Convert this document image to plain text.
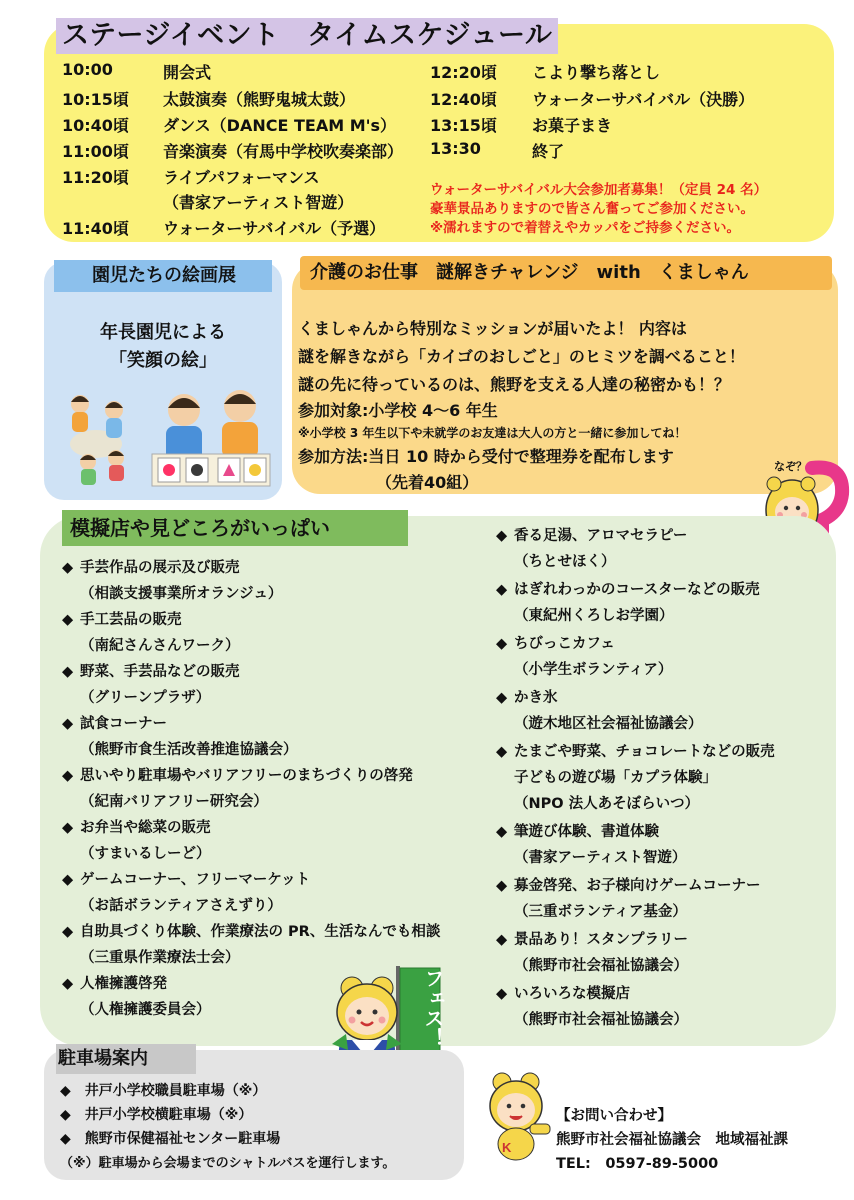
ステージイベント　タイムスケジュール
10:00	開会式
10:15頃 太鼓演奏（熊野鬼城太鼓）
10:40頃 ダンス（DANCE TEAM M's）
11:00頃 音楽演奏（有馬中学校吹奏楽部）
11:20頃 ライブパフォーマンス
（書家アーティスト智遊）
11:40頃 ウォーターサバイバル（予選）
12:20頃 こより撃ち落とし
12:40頃 ウォーターサバイバル（決勝）
13:15頃 お菓子まき
13:30	終了
ウォーターサバイバル大会参加者募集！（定員 24 名）
豪華景品ありますので皆さん奮ってご参加ください。
※濡れますので着替えやカッパをご持参ください。
園児たちの絵画展
年長園児による
「笑顔の絵」
介護のお仕事　謎解きチャレンジ　with　くましゃん
くましゃんから特別なミッションが届いたよ！ 内容は
謎を解きながら「カイゴのおしごと」のヒミツを調べること！
謎の先に待っているのは、熊野を支える人達の秘密かも！？
参加対象:小学校 4～6 年生
※小学校 3 年生以下や未就学のお友達は大人の方と一緒に参加してね！
参加方法:当日 10 時から受付で整理券を配布します
（先着40組）
なぞ？
模擬店や見どころがいっぱい
フェス！
駐車場案内
◆　 井戸小学校職員駐車場（※）
◆　 井戸小学校横駐車場（※）
◆　 熊野市保健福祉センター駐車場
（※）駐車場から会場までのシャトルバスを運行します。
K
【お問い合わせ】
熊野市社会福祉協議会　地域福祉課
TEL:　0597-89-5000
◆ 手芸作品の展示及び販売
（相談支援事業所オランジュ）
◆ 手工芸品の販売
（南紀さんさんワーク）
◆ 野菜、手芸品などの販売
（グリーンプラザ）
◆ 試食コーナー
（熊野市食生活改善推進協議会）
◆ 思いやり駐車場やバリアフリーのまちづくりの啓発
（紀南バリアフリー研究会）
◆ お弁当や総菜の販売
（すまいるしーど）
◆ ゲームコーナー、フリーマーケット
（お話ボランティアさえずり）
◆ 自助具づくり体験、作業療法の PR、生活なんでも相談
（三重県作業療法士会）
◆ 人権擁護啓発
（人権擁護委員会）
◆ 香る足湯、アロマセラピー
（ちとせほく）
◆ はぎれわっかのコースターなどの販売
（東紀州くろしお学園）
◆ ちびっこカフェ
（小学生ボランティア）
◆ かき氷
（遊木地区社会福祉協議会）
◆ たまごや野菜、チョコレートなどの販売
子どもの遊び場「カプラ体験」
（NPO 法人あそぼらいつ）
◆ 筆遊び体験、書道体験
（書家アーティスト智遊）
◆ 募金啓発、お子様向けゲームコーナー
（三重ボランティア基金）
◆ 景品あり！スタンプラリー
（熊野市社会福祉協議会）
◆ いろいろな模擬店
（熊野市社会福祉協議会）
